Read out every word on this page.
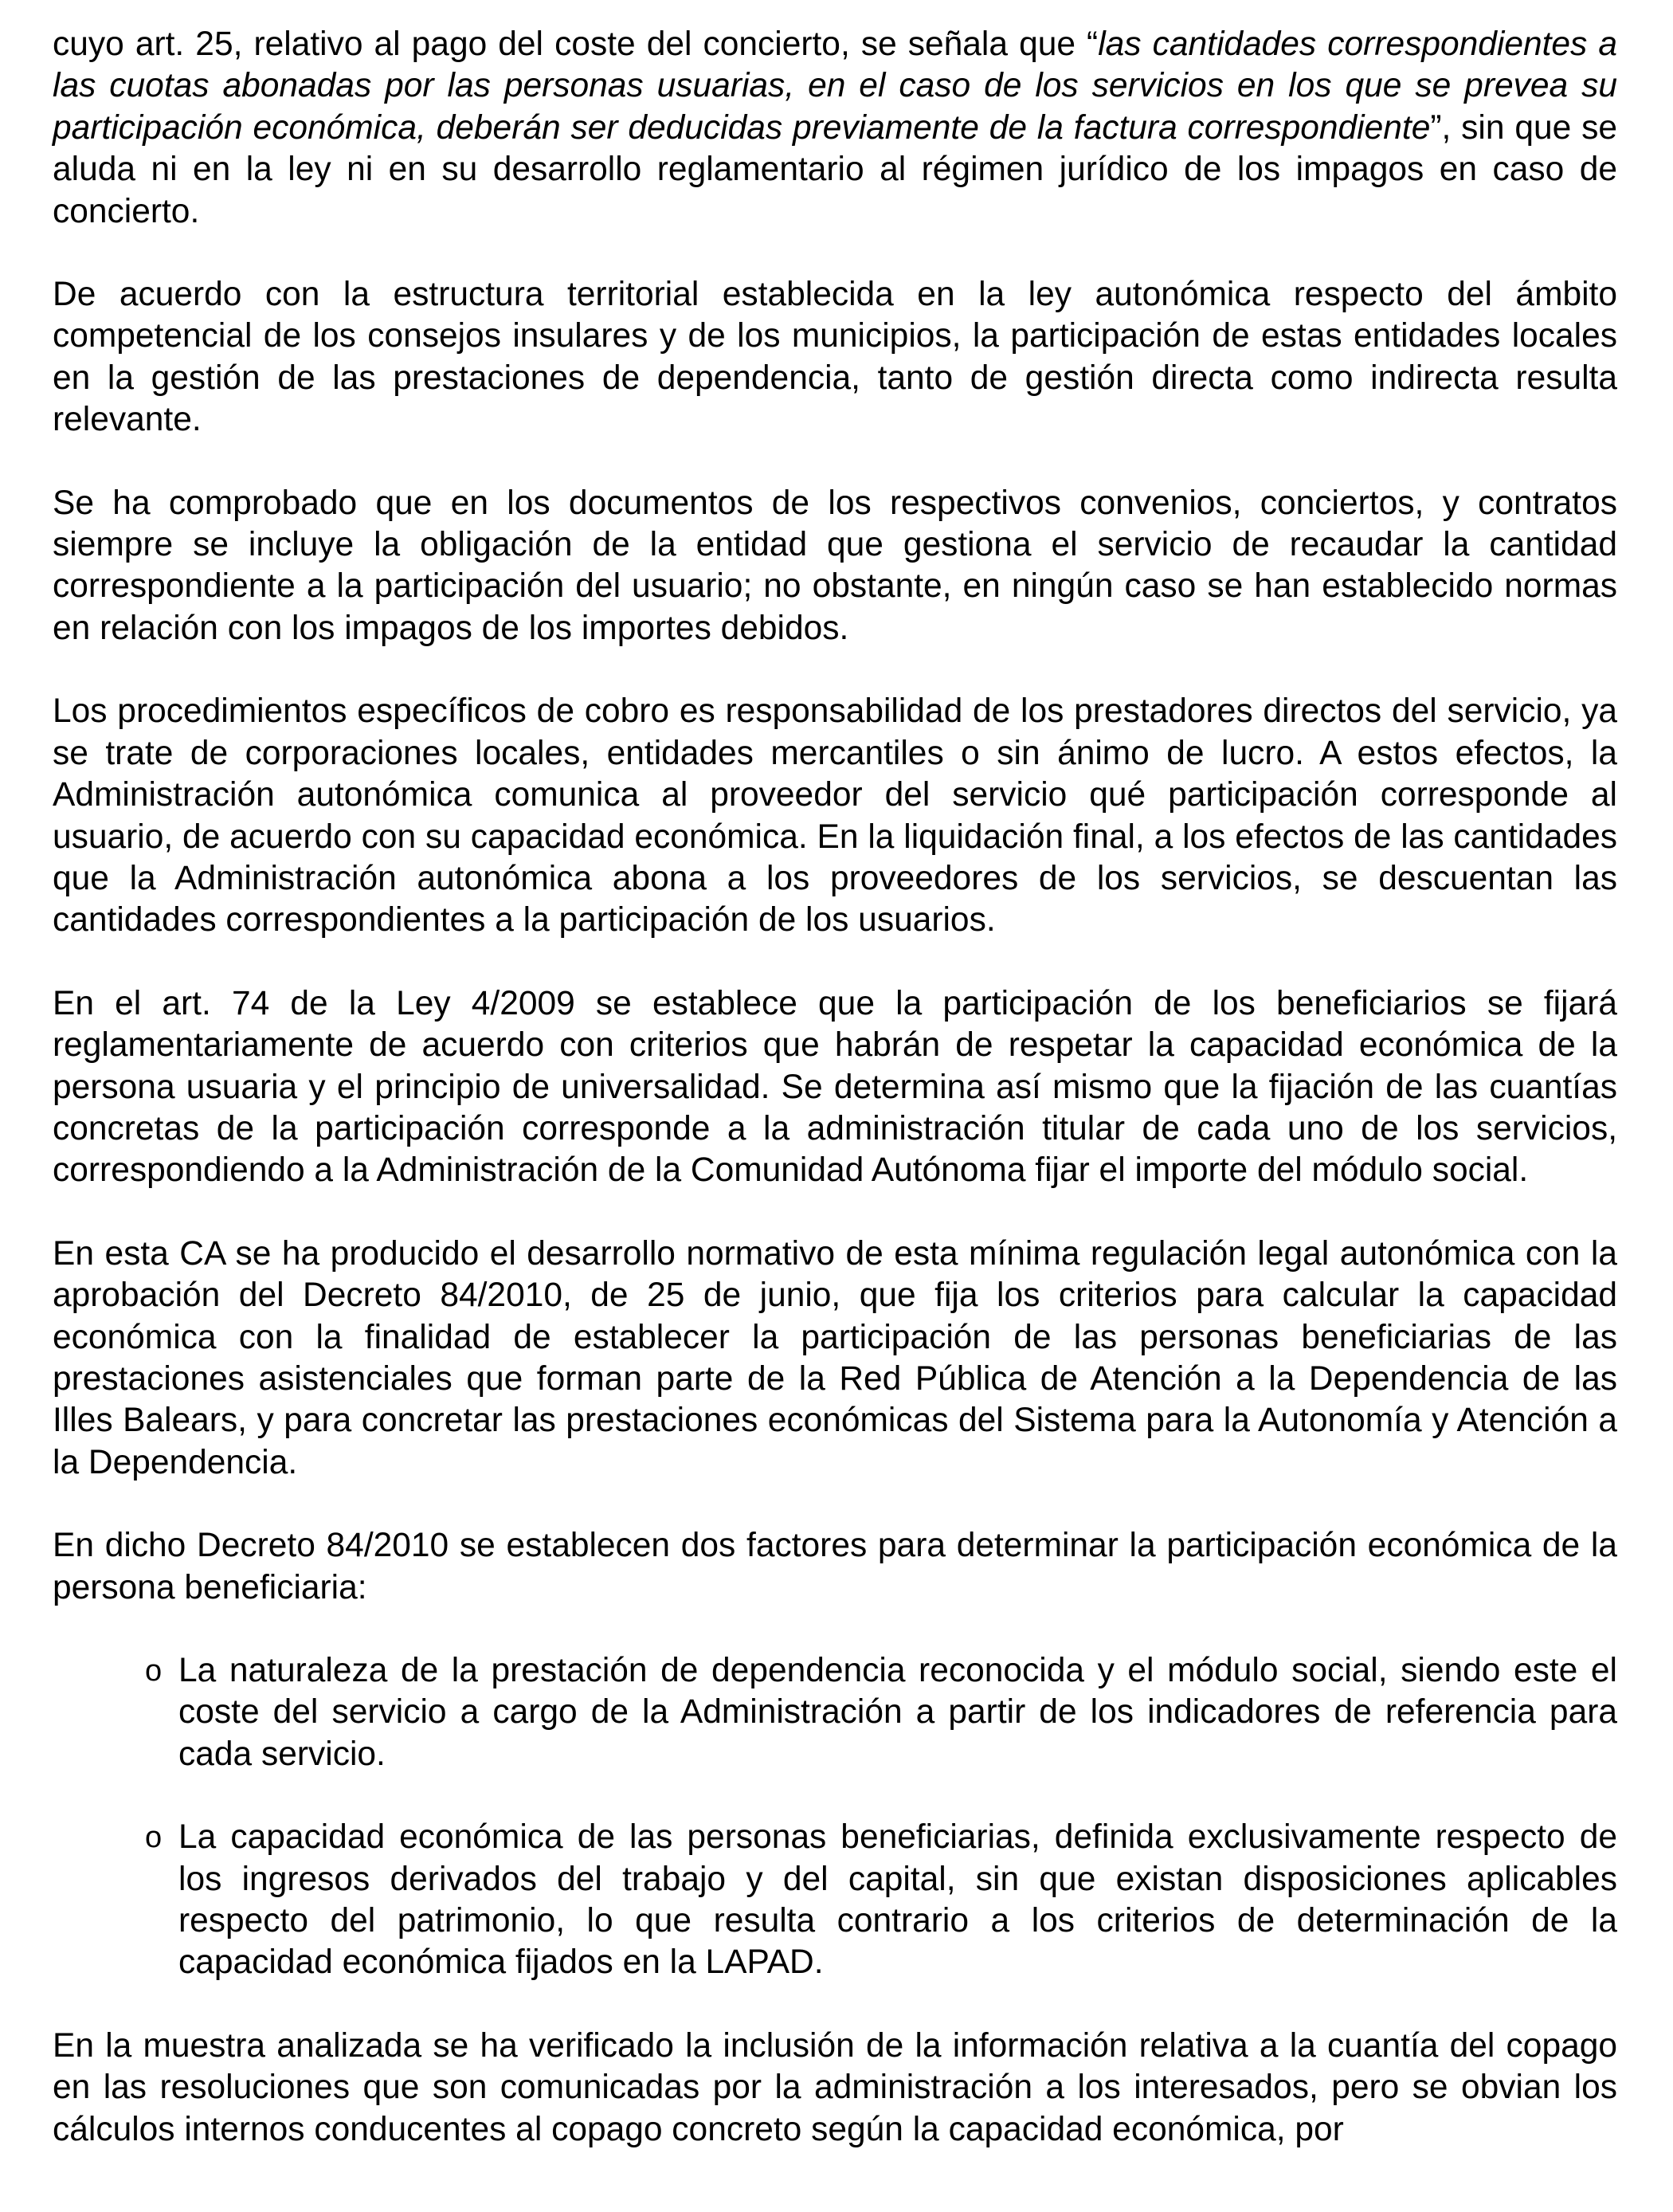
cuyo art. 25, relativo al pago del coste del concierto, se señala que “las cantidades correspondientes a las cuotas abonadas por las personas usuarias, en el caso de los servicios en los que se prevea su participación económica, deberán ser deducidas previamente de la factura correspondiente”, sin que se aluda ni en la ley ni en su desarrollo reglamentario al régimen jurídico de los impagos en caso de concierto.

De acuerdo con la estructura territorial establecida en la ley autonómica respecto del ámbito competencial de los consejos insulares y de los municipios, la participación de estas entidades locales en la gestión de las prestaciones de dependencia, tanto de gestión directa como indirecta resulta relevante.

Se ha comprobado que en los documentos de los respectivos convenios, conciertos, y contratos siempre se incluye la obligación de la entidad que gestiona el servicio de recaudar la cantidad correspondiente a la participación del usuario; no obstante, en ningún caso se han establecido normas en relación con los impagos de los importes debidos.

Los procedimientos específicos de cobro es responsabilidad de los prestadores directos del servicio, ya se trate de corporaciones locales, entidades mercantiles o sin ánimo de lucro. A estos efectos, la Administración autonómica comunica al proveedor del servicio qué participación corresponde al usuario, de acuerdo con su capacidad económica. En la liquidación final, a los efectos de las cantidades que la Administración autonómica abona a los proveedores de los servicios, se descuentan las cantidades correspondientes a la participación de los usuarios.

En el art. 74 de la Ley 4/2009 se establece que la participación de los beneficiarios se fijará reglamentariamente de acuerdo con criterios que habrán de respetar la capacidad económica de la persona usuaria y el principio de universalidad. Se determina así mismo que la fijación de las cuantías concretas de la participación corresponde a la administración titular de cada uno de los servicios, correspondiendo a la Administración de la Comunidad Autónoma fijar el importe del módulo social.

En esta CA se ha producido el desarrollo normativo de esta mínima regulación legal autonómica con la aprobación del Decreto 84/2010, de 25 de junio, que fija los criterios para calcular la capacidad económica con la finalidad de establecer la participación de las personas beneficiarias de las prestaciones asistenciales que forman parte de la Red Pública de Atención a la Dependencia de las Illes Balears, y para concretar las prestaciones económicas del Sistema para la Autonomía y Atención a la Dependencia.

En dicho Decreto 84/2010 se establecen dos factores para determinar la participación económica de la persona beneficiaria:

o La naturaleza de la prestación de dependencia reconocida y el módulo social, siendo este el coste del servicio a cargo de la Administración a partir de los indicadores de referencia para cada servicio.
o La capacidad económica de las personas beneficiarias, definida exclusivamente respecto de los ingresos derivados del trabajo y del capital, sin que existan disposiciones aplicables respecto del patrimonio, lo que resulta contrario a los criterios de determinación de la capacidad económica fijados en la LAPAD.

En la muestra analizada se ha verificado la inclusión de la información relativa a la cuantía del copago en las resoluciones que son comunicadas por la administración a los interesados, pero se obvian los cálculos internos conducentes al copago concreto según la capacidad económica, por
